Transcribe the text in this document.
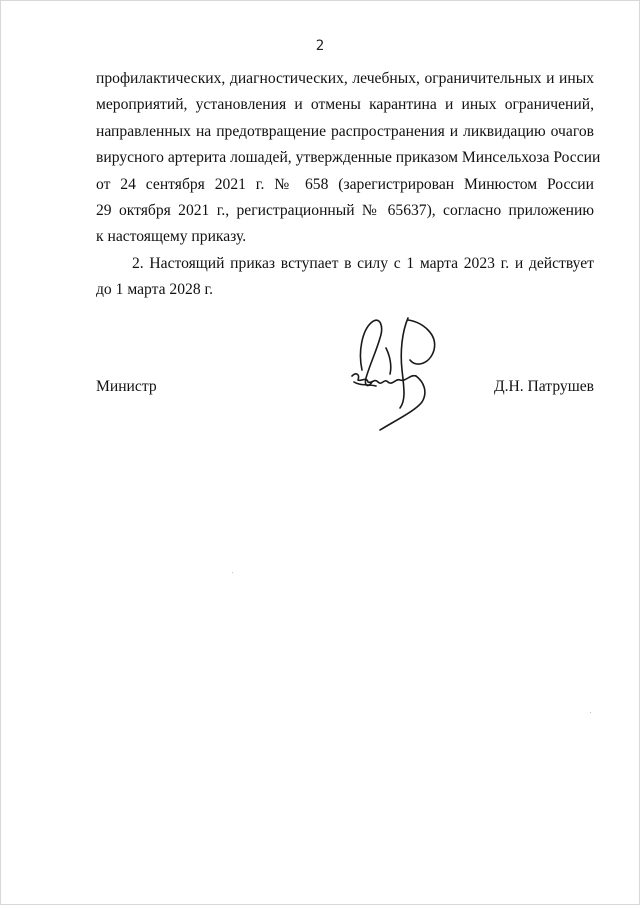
2
профилактических, диагностических, лечебных, ограничительных и иных
мероприятий, установления и отмены карантина и иных ограничений,
направленных на предотвращение распространения и ликвидацию очагов
вирусного артерита лошадей, утвержденные приказом Минсельхоза России
от 24 сентября 2021 г. № 658 (зарегистрирован Минюстом России
29 октября 2021 г., регистрационный № 65637), согласно приложению
к настоящему приказу.
2. Настоящий приказ вступает в силу с 1 марта 2023 г. и действует
до 1 марта 2028 г.
Министр	Д.Н. Патрушев
